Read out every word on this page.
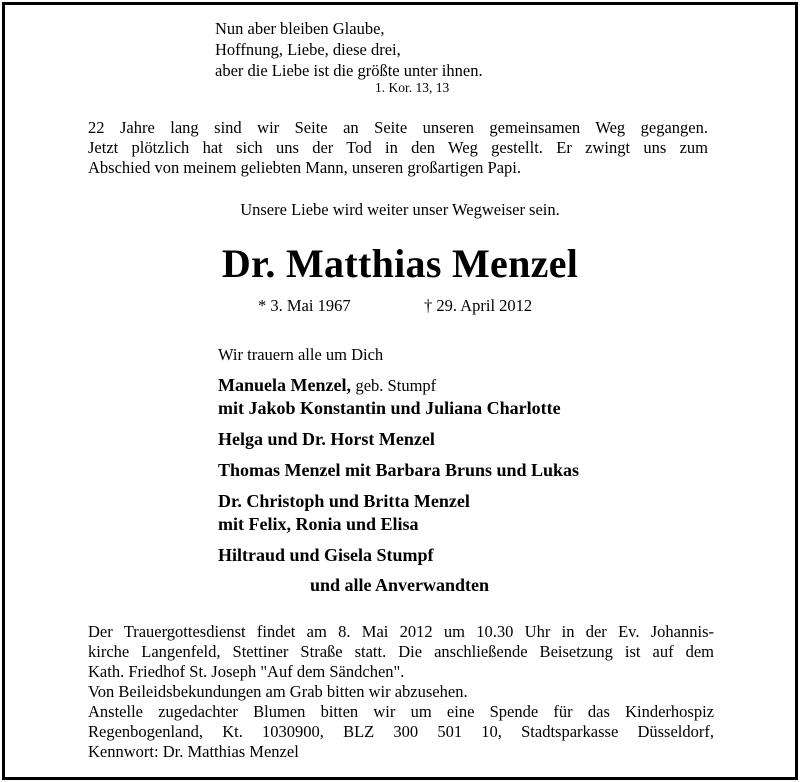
Nun aber bleiben Glaube,
Hoffnung, Liebe, diese drei,
aber die Liebe ist die größte unter ihnen.
1. Kor. 13, 13
22 Jahre lang sind wir Seite an Seite unseren gemeinsamen Weg gegangen.
Jetzt plötzlich hat sich uns der Tod in den Weg gestellt. Er zwingt uns zum
Abschied von meinem geliebten Mann, unseren großartigen Papi.
Unsere Liebe wird weiter unser Wegweiser sein.
Dr. Matthias Menzel
* 3. Mai 1967	† 29. April 2012
Wir trauern alle um Dich
Manuela Menzel, geb. Stumpf
mit Jakob Konstantin und Juliana Charlotte
Helga und Dr. Horst Menzel
Thomas Menzel mit Barbara Bruns und Lukas
Dr. Christoph und Britta Menzel
mit Felix, Ronia und Elisa
Hiltraud und Gisela Stumpf
und alle Anverwandten
Der Trauergottesdienst findet am 8. Mai 2012 um 10.30 Uhr in der Ev. Johannis-
kirche Langenfeld, Stettiner Straße statt. Die anschließende Beisetzung ist auf dem
Kath. Friedhof St. Joseph "Auf dem Sändchen".
Von Beileidsbekundungen am Grab bitten wir abzusehen.
Anstelle zugedachter Blumen bitten wir um eine Spende für das Kinderhospiz
Regenbogenland, Kt. 1030900, BLZ 300 501 10, Stadtsparkasse Düsseldorf,
Kennwort: Dr. Matthias Menzel
